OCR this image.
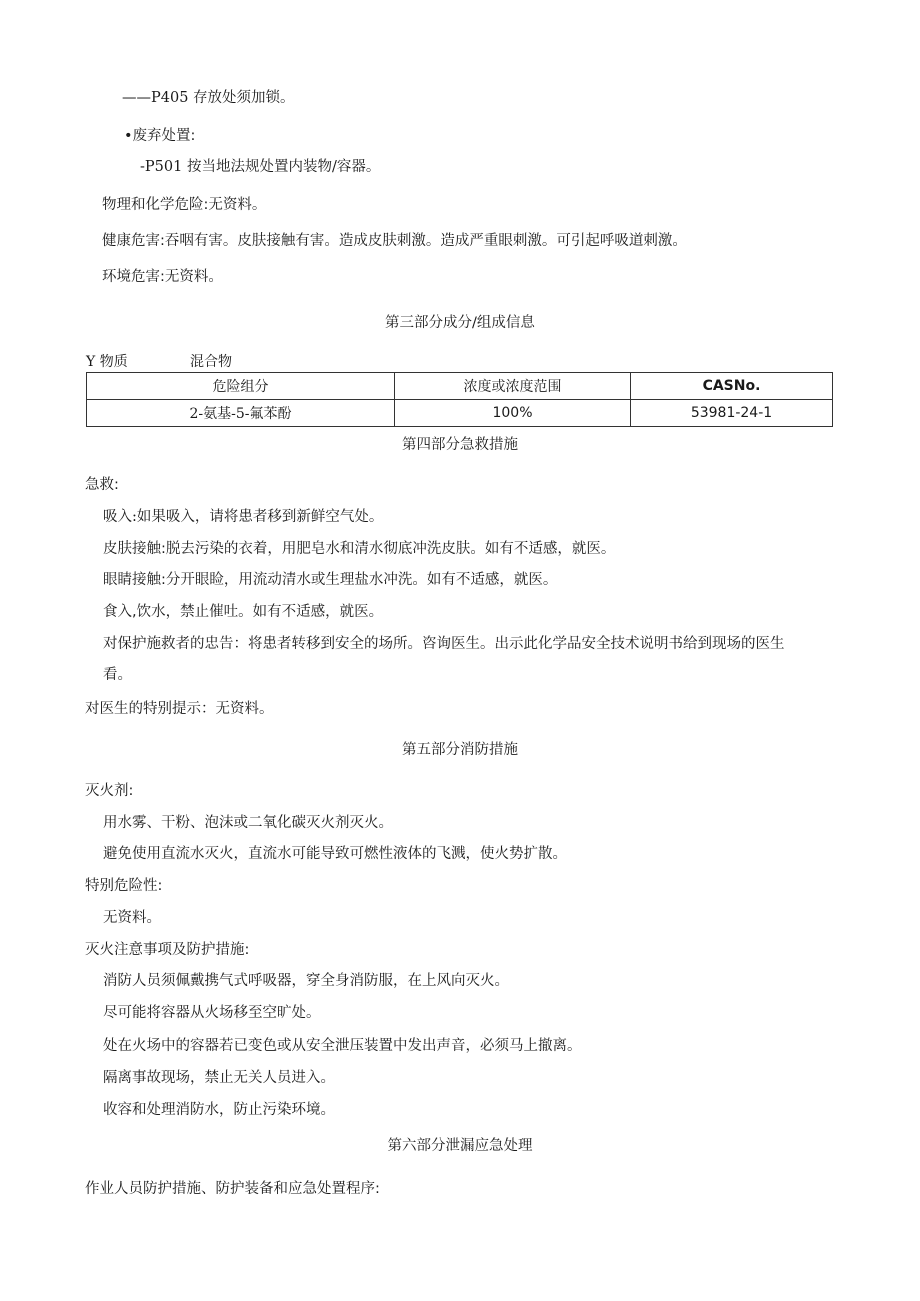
——P405 存放处须加锁。
•废弃处置:
-P501 按当地法规处置内装物/容器。
物理和化学危险:无资料。
健康危害:吞咽有害。皮肤接触有害。造成皮肤刺激。造成严重眼刺激。可引起呼吸道刺激。
环境危害:无资料。
第三部分成分/组成信息
Y 物质	混合物
危险组分	浓度或浓度范围	CASNo.
2-氨基-5-氟苯酚	100%	53981-24-1
第四部分急救措施
急救:
吸入:如果吸入，请将患者移到新鲜空气处。
皮肤接触:脱去污染的衣着，用肥皂水和清水彻底冲洗皮肤。如有不适感，就医。
眼睛接触:分开眼睑，用流动清水或生理盐水冲洗。如有不适感，就医。
食入,饮水，禁止催吐。如有不适感，就医。
对保护施救者的忠告：将患者转移到安全的场所。咨询医生。出示此化学品安全技术说明书给到现场的医生
看。
对医生的特别提示：无资料。
第五部分消防措施
灭火剂:
用水雾、干粉、泡沫或二氧化碳灭火剂灭火。
避免使用直流水灭火，直流水可能导致可燃性液体的飞溅，使火势扩散。
特别危险性:
无资料。
灭火注意事项及防护措施:
消防人员须佩戴携气式呼吸器，穿全身消防服，在上风向灭火。
尽可能将容器从火场移至空旷处。
处在火场中的容器若已变色或从安全泄压装置中发出声音，必须马上撤离。
隔离事故现场，禁止无关人员进入。
收容和处理消防水，防止污染环境。
第六部分泄漏应急处理
作业人员防护措施、防护装备和应急处置程序:
